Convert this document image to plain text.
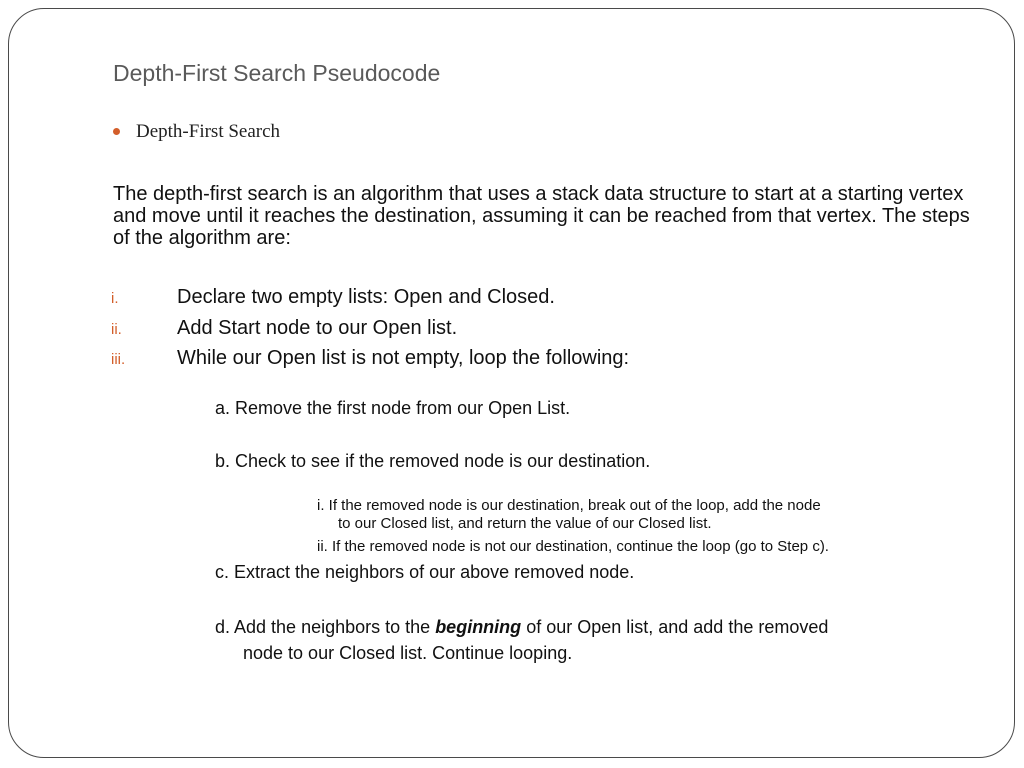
Depth-First Search Pseudocode
Depth-First Search

The depth-first search is an algorithm that uses a stack data structure to start at a starting vertex and move until it reaches the destination, assuming it can be reached from that vertex. The steps of the algorithm are:

i.	Declare two empty lists: Open and Closed.
ii.	Add Start node to our Open list.
iii.	While our Open list is not empty, loop the following:

a. Remove the first node from our Open List.

b. Check to see if the removed node is our destination.

i. If the removed node is our destination, break out of the loop, add the node
to our Closed list, and return the value of our Closed list.

ii. If the removed node is not our destination, continue the loop (go to Step c).

c. Extract the neighbors of our above removed node.

d. Add the neighbors to the beginning of our Open list, and add the removed
node to our Closed list. Continue looping.
